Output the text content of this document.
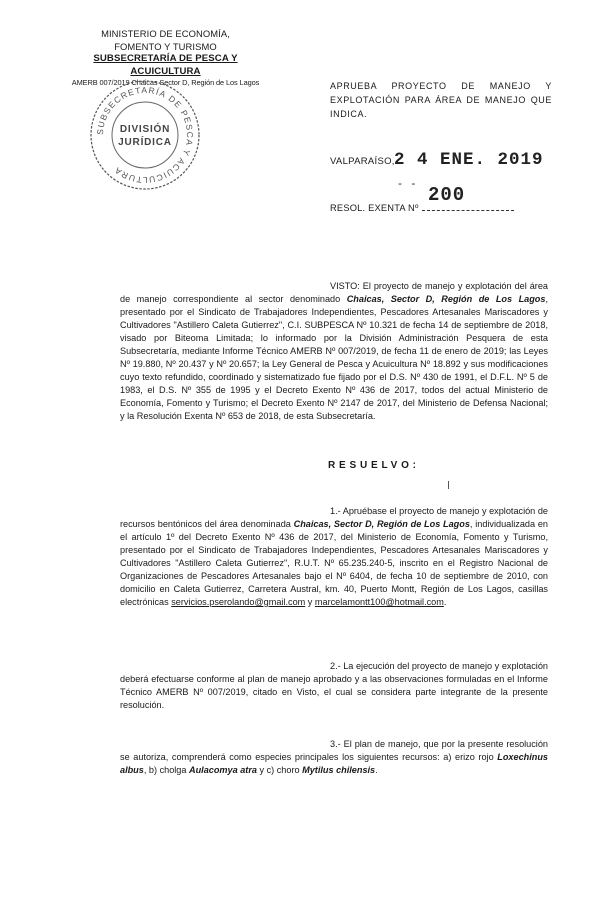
MINISTERIO DE ECONOMÍA,
FOMENTO Y TURISMO
SUBSECRETARÍA DE PESCA Y ACUICULTURA
AMERB 007/2019 Chaicas Sector D, Región de Los Lagos
SUBSECRETARÍA DE PESCA Y ACUICULTURA
DIVISIÓN
JURÍDICA
APRUEBA PROYECTO DE MANEJO Y EXPLOTACIÓN PARA ÁREA DE MANEJO QUE INDICA.
VALPARAÍSO, 2 4 ENE. 2019
- -
200
RESOL. EXENTA Nº
VISTO: El proyecto de manejo y explotación del área de manejo correspondiente al sector denominado Chaicas, Sector D, Región de Los Lagos, presentado por el Sindicato de Trabajadores Independientes, Pescadores Artesanales Mariscadores y Cultivadores "Astillero Caleta Gutierrez", C.I. SUBPESCA Nº 10.321 de fecha 14 de septiembre de 2018, visado por Biteoma Limitada; lo informado por la División Administración Pesquera de esta Subsecretaría, mediante Informe Técnico AMERB Nº 007/2019, de fecha 11 de enero de 2019; las Leyes Nº 19.880, Nº 20.437 y Nº 20.657; la Ley General de Pesca y Acuicultura Nº 18.892 y sus modificaciones cuyo texto refundido, coordinado y sistematizado fue fijado por el D.S. Nº 430 de 1991, el D.F.L. Nº 5 de 1983, el D.S. Nº 355 de 1995 y el Decreto Exento Nº 436 de 2017, todos del actual Ministerio de Economía, Fomento y Turismo; el Decreto Exento Nº 2147 de 2017, del Ministerio de Defensa Nacional; y la Resolución Exenta Nº 653 de 2018, de esta Subsecretaría.
RESUELVO:
1.- Apruébase el proyecto de manejo y explotación de recursos bentónicos del área denominada Chaicas, Sector D, Región de Los Lagos, individualizada en el artículo 1º del Decreto Exento Nº 436 de 2017, del Ministerio de Economía, Fomento y Turismo, presentado por el Sindicato de Trabajadores Independientes, Pescadores Artesanales Mariscadores y Cultivadores "Astillero Caleta Gutierrez", R.U.T. Nº 65.235.240-5, inscrito en el Registro Nacional de Organizaciones de Pescadores Artesanales bajo el Nº 6404, de fecha 10 de septiembre de 2010, con domicilio en Caleta Gutierrez, Carretera Austral, km. 40, Puerto Montt, Región de Los Lagos, casillas electrónicas servicios.pserolando@gmail.com y marcelamontt100@hotmail.com.
2.- La ejecución del proyecto de manejo y explotación deberá efectuarse conforme al plan de manejo aprobado y a las observaciones formuladas en el Informe Técnico AMERB Nº 007/2019, citado en Visto, el cual se considera parte integrante de la presente resolución.
3.- El plan de manejo, que por la presente resolución se autoriza, comprenderá como especies principales los siguientes recursos: a) erizo rojo Loxechinus albus, b) cholga Aulacomya atra y c) choro Mytilus chilensis.
